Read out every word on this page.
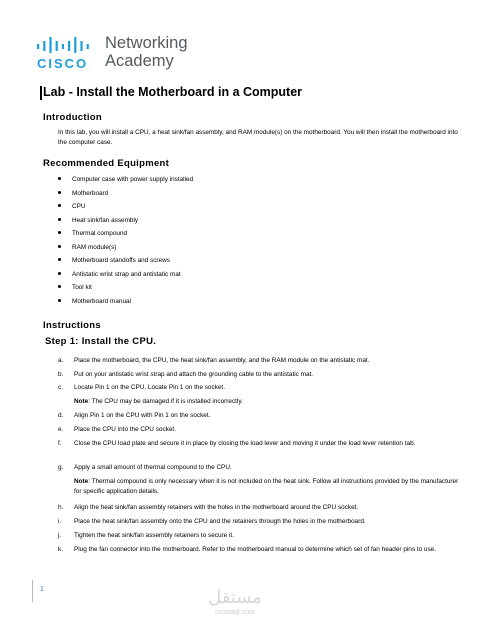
CISCO
Networking
Academy
Lab - Install the Motherboard in a Computer
Introduction
In this lab, you will install a CPU, a heat sink/fan assembly, and RAM module(s) on the motherboard. You will then install the motherboard into the computer case.
Recommended Equipment
Computer case with power supply installed
Motherboard
CPU
Heat sink/fan assembly
Thermal compound
RAM module(s)
Motherboard standoffs and screws
Antistatic wrist strap and antistatic mat
Tool kit
Motherboard manual
Instructions
Step 1: Install the CPU.
a. Place the motherboard, the CPU, the heat sink/fan assembly, and the RAM module on the antistatic mat.
b. Put on your antistatic wrist strap and attach the grounding cable to the antistatic mat.
c. Locate Pin 1 on the CPU. Locate Pin 1 on the socket.
d. Align Pin 1 on the CPU with Pin 1 on the socket.
e. Place the CPU into the CPU socket.
f. Close the CPU load plate and secure it in place by closing the load lever and moving it under the load lever retention tab.
g. Apply a small amount of thermal compound to the CPU.
h. Align the heat sink/fan assembly retainers with the holes in the motherboard around the CPU socket.
i. Place the heat sink/fan assembly onto the CPU and the retainers through the holes in the motherboard.
j. Tighten the heat sink/fan assembly retainers to secure it.
k. Plug the fan connector into the motherboard. Refer to the motherboard manual to determine which set of fan header pins to use.
Note: The CPU may be damaged if it is installed incorrectly.
Note: Thermal compound is only necessary when it is not included on the heat sink. Follow all instructions provided by the manufacturer for specific application details.
1	مستقل
mostaql.com
